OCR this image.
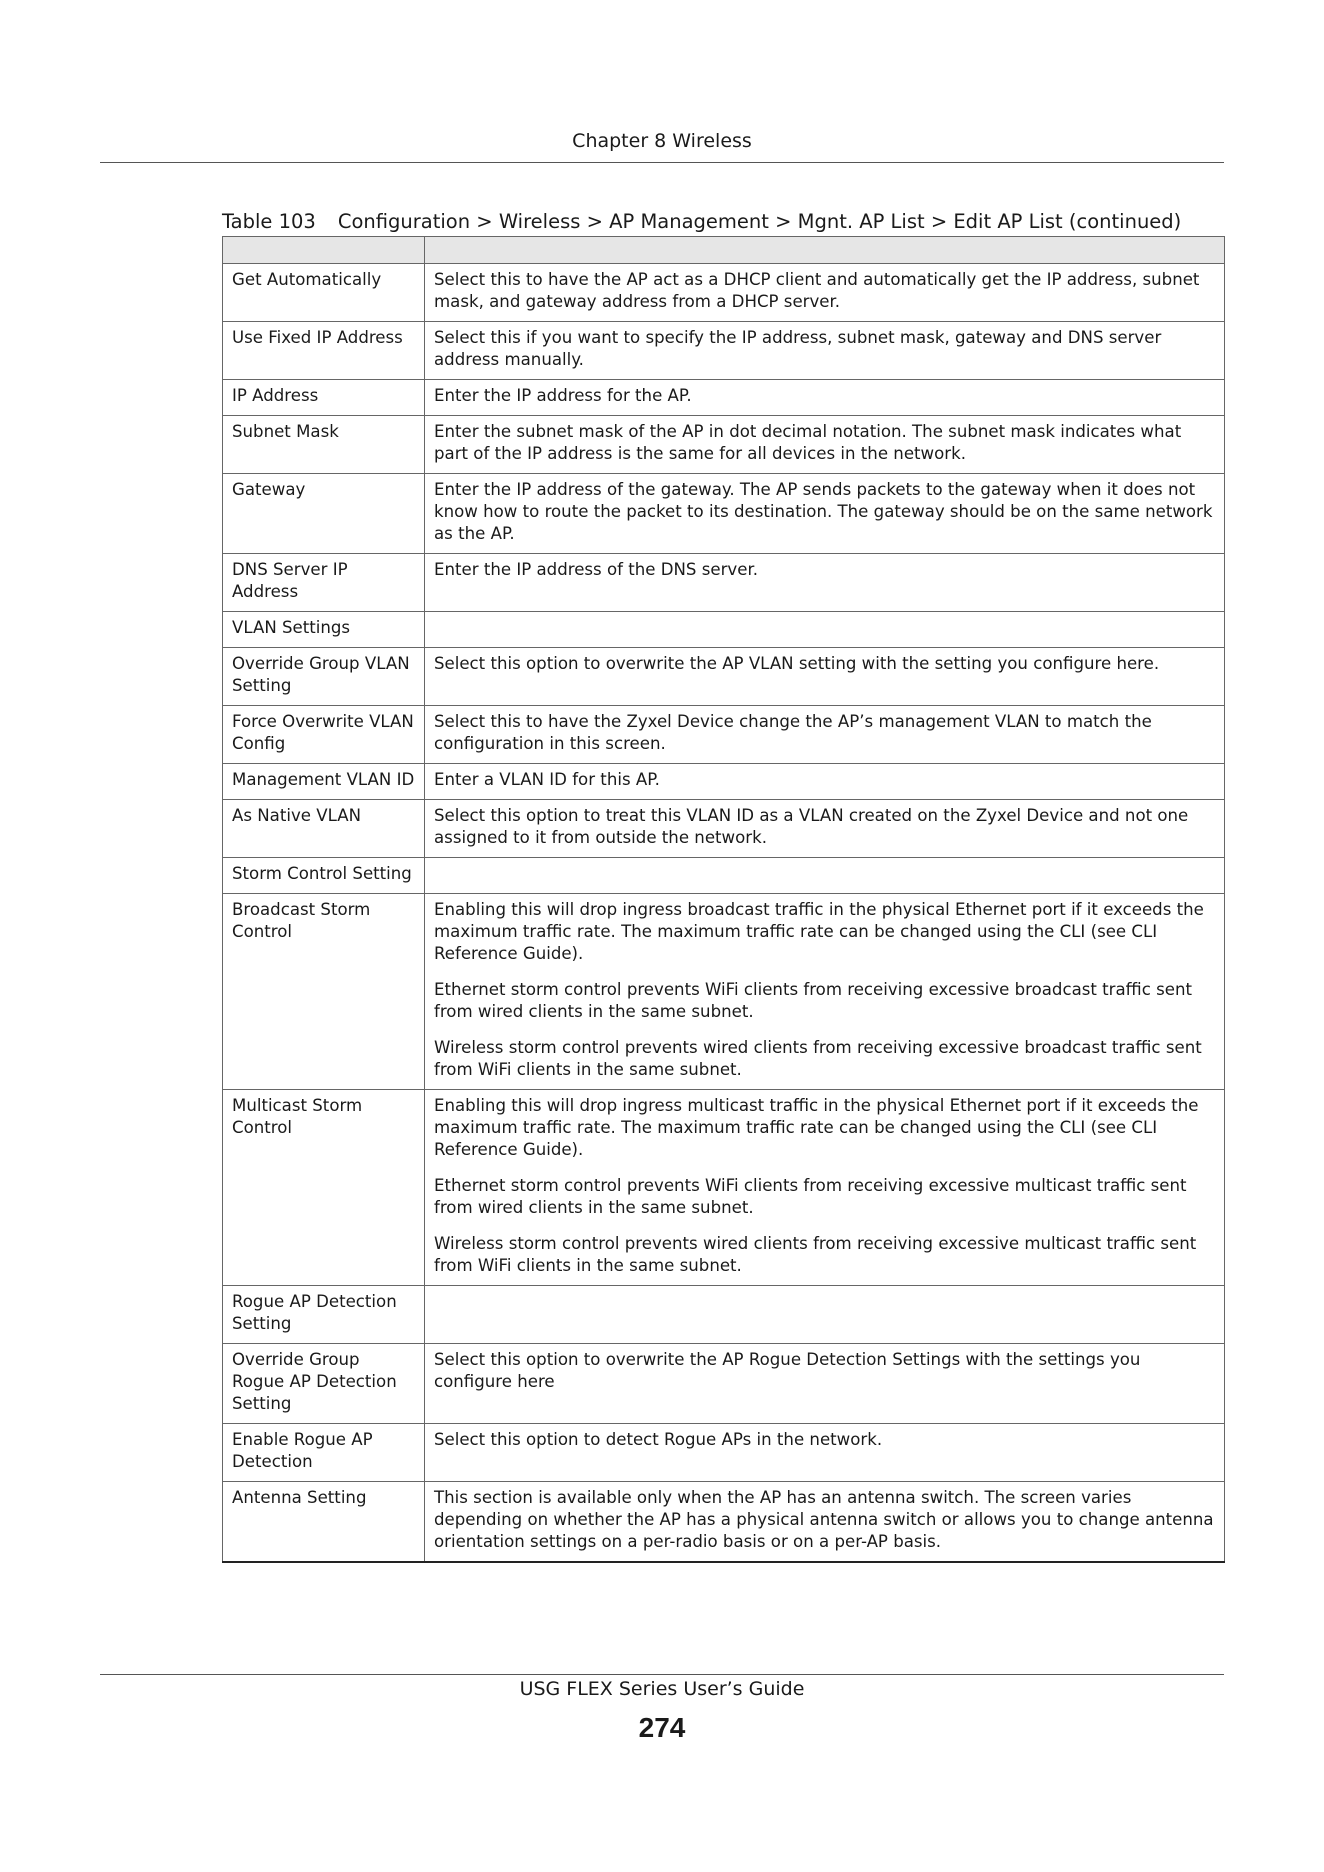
Chapter 8 Wireless
Table 103 Configuration > Wireless > AP Management > Mgnt. AP List > Edit AP List (continued)

Get Automatically	Select this to have the AP act as a DHCP client and automatically get the IP address, subnet mask, and gateway address from a DHCP server.

Use Fixed IP Address	Select this if you want to specify the IP address, subnet mask, gateway and DNS server address manually.

IP Address	Enter the IP address for the AP.

Subnet Mask	Enter the subnet mask of the AP in dot decimal notation. The subnet mask indicates what part of the IP address is the same for all devices in the network.

Gateway	Enter the IP address of the gateway. The AP sends packets to the gateway when it does not know how to route the packet to its destination. The gateway should be on the same network as the AP.

DNS Server IP Address	Enter the IP address of the DNS server.

VLAN Settings	
Override Group VLAN Setting	Select this option to overwrite the AP VLAN setting with the setting you configure here.

Force Overwrite VLAN Config	Select this to have the Zyxel Device change the AP’s management VLAN to match the configuration in this screen.

Management VLAN ID	Enter a VLAN ID for this AP.

As Native VLAN	Select this option to treat this VLAN ID as a VLAN created on the Zyxel Device and not one assigned to it from outside the network.

Storm Control Setting	
Broadcast Storm Control	Enabling this will drop ingress broadcast traffic in the physical Ethernet port if it exceeds the maximum traffic rate. The maximum traffic rate can be changed using the CLI (see CLI Reference Guide).

Ethernet storm control prevents WiFi clients from receiving excessive broadcast traffic sent from wired clients in the same subnet.

Wireless storm control prevents wired clients from receiving excessive broadcast traffic sent from WiFi clients in the same subnet.

Multicast Storm Control	Enabling this will drop ingress multicast traffic in the physical Ethernet port if it exceeds the maximum traffic rate. The maximum traffic rate can be changed using the CLI (see CLI Reference Guide).

Ethernet storm control prevents WiFi clients from receiving excessive multicast traffic sent from wired clients in the same subnet.

Wireless storm control prevents wired clients from receiving excessive multicast traffic sent from WiFi clients in the same subnet.

Rogue AP Detection Setting	
Override Group Rogue AP Detection Setting	Select this option to overwrite the AP Rogue Detection Settings with the settings you configure here

Enable Rogue AP Detection	Select this option to detect Rogue APs in the network.

Antenna Setting	This section is available only when the AP has an antenna switch. The screen varies depending on whether the AP has a physical antenna switch or allows you to change antenna orientation settings on a per-radio basis or on a per-AP basis.

USG FLEX Series User’s Guide
274
